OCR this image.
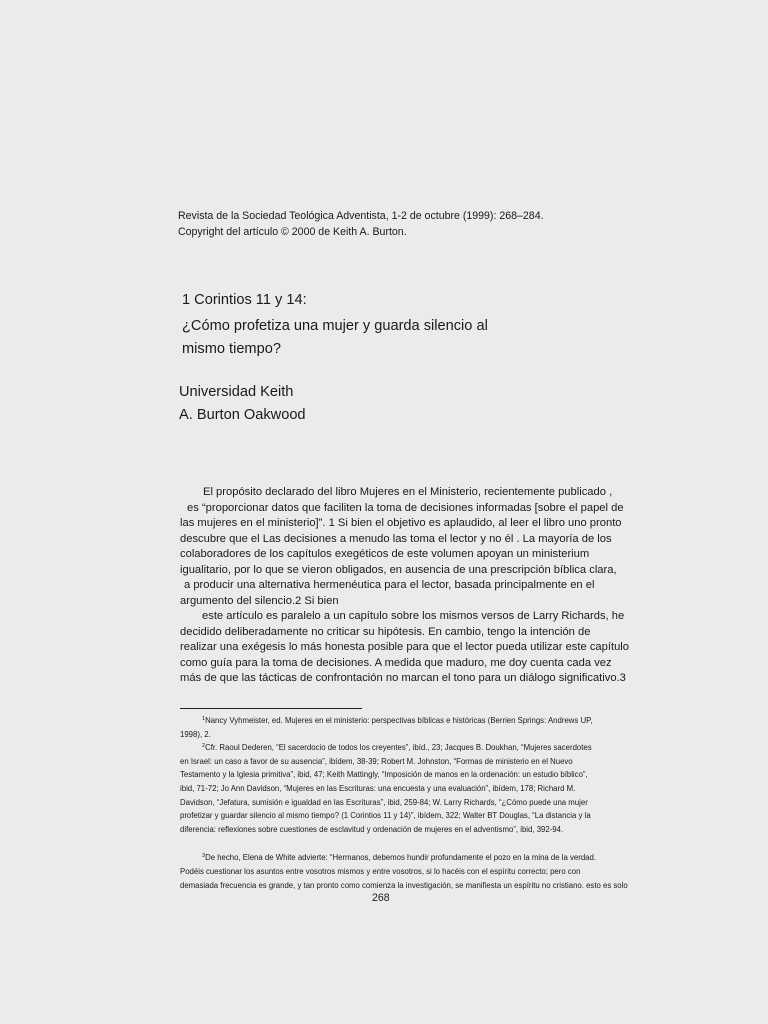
Revista de la Sociedad Teológica Adventista, 1-2 de octubre (1999): 268–284.
Copyright del artículo © 2000 de Keith A. Burton.
1 Corintios 11 y 14:
¿Cómo profetiza una mujer y guarda silencio al
mismo tiempo?
Universidad Keith
A. Burton Oakwood
El propósito declarado del libro Mujeres en el Ministerio, recientemente publicado ,
es “proporcionar datos que faciliten la toma de decisiones informadas [sobre el papel de
las mujeres en el ministerio]”. 1 Si bien el objetivo es aplaudido, al leer el libro uno pronto
descubre que el Las decisiones a menudo las toma el lector y no él . La mayoría de los
colaboradores de los capítulos exegéticos de este volumen apoyan un ministerium
igualitario, por lo que se vieron obligados, en ausencia de una prescripción bíblica clara,
a producir una alternativa hermenéutica para el lector, basada principalmente en el
argumento del silencio.2 Si bien
este artículo es paralelo a un capítulo sobre los mismos versos de Larry Richards, he
decidido deliberadamente no criticar su hipótesis. En cambio, tengo la intención de
realizar una exégesis lo más honesta posible para que el lector pueda utilizar este capítulo
como guía para la toma de decisiones. A medida que maduro, me doy cuenta cada vez
más de que las tácticas de confrontación no marcan el tono para un diálogo significativo.3
$^1$Nancy Vyhmeister, ed. Mujeres en el ministerio: perspectivas bíblicas e históricas (Berrien Springs: Andrews UP,
1998), 2.
$^2$Cfr. Raoul Dederen, “El sacerdocio de todos los creyentes”, ibíd., 23; Jacques B. Doukhan, “Mujeres sacerdotes
en Israel: un caso a favor de su ausencia”, ibídem, 38-39; Robert M. Johnston, “Formas de ministerio en el Nuevo
Testamento y la Iglesia primitiva”, ibid, 47; Keith Mattingly, “Imposición de manos en la ordenación: un estudio bíblico”,
ibid, 71-72; Jo Ann Davidson, “Mujeres en las Escrituras: una encuesta y una evaluación”, ibídem, 178; Richard M.
Davidson, “Jefatura, sumisión e igualdad en las Escrituras”, ibid, 259-84; W. Larry Richards, “¿Cómo puede una mujer
profetizar y guardar silencio al mismo tiempo? (1 Corintios 11 y 14)”, ibídem, 322; Walter BT Douglas, “La distancia y la
diferencia: reflexiones sobre cuestiones de esclavitud y ordenación de mujeres en el adventismo”, ibid, 392-94.
$^3$De hecho, Elena de White advierte: “Hermanos, debemos hundir profundamente el pozo en la mina de la verdad.
Podéis cuestionar los asuntos entre vosotros mismos y entre vosotros, si lo hacéis con el espíritu correcto; pero con
demasiada frecuencia es grande, y tan pronto como comienza la investigación, se manifiesta un espíritu no cristiano. esto es solo
268
